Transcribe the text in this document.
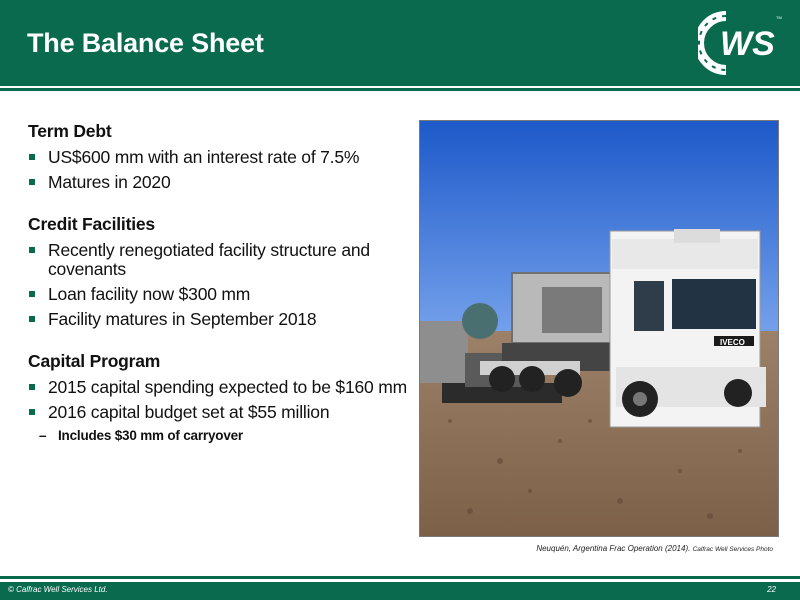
The Balance Sheet	WS
TM
Term Debt
US$600 mm with an interest rate of 7.5%
Matures in 2020
Credit Facilities
Recently renegotiated facility structure and covenants
Loan facility now $300 mm
Facility matures in September 2018
Capital Program
2015 capital spending expected to be $160 mm
2016 capital budget set at $55 million
– Includes $30 mm of carryover
IVECO
Neuquén, Argentina Frac Operation (2014). Calfrac Well Services Photo
© Calfrac Well Services Ltd.	22
